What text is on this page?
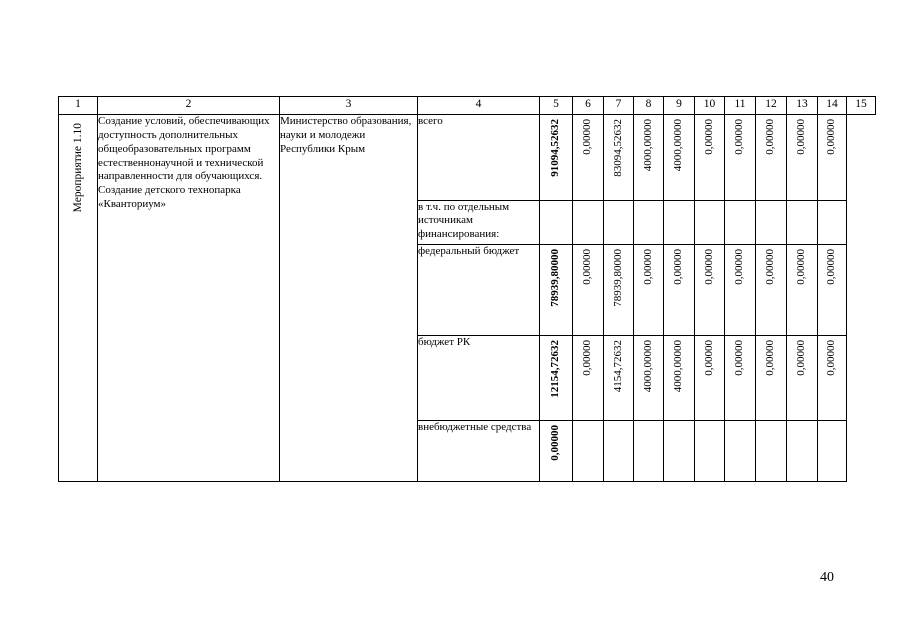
1	2	3	4	5	6	7	8	9	10	11	12	13	14	15

Мероприятие 1.10	Создание условий, обеспечивающих доступность дополнительных общеобразовательных программ естественнонаучной и технической направленности для обучающихся. Создание детского технопарка «Кванториум»	Министерство образования, науки и молодежи Республики Крым	всего	91094,52632	0,00000	83094,52632	4000,00000	4000,00000	0,00000	0,00000	0,00000	0,00000	0,00000	

			в т.ч. по отдельным источникам финансирования:											
			федеральный бюджет	78939,80000	0,00000	78939,80000	0,00000	0,00000	0,00000	0,00000	0,00000	0,00000	0,00000	

			бюджет РК	12154,72632	0,00000	4154,72632	4000,00000	4000,00000	0,00000	0,00000	0,00000	0,00000	0,00000	

			внебюджетные средства	0,00000										

40
